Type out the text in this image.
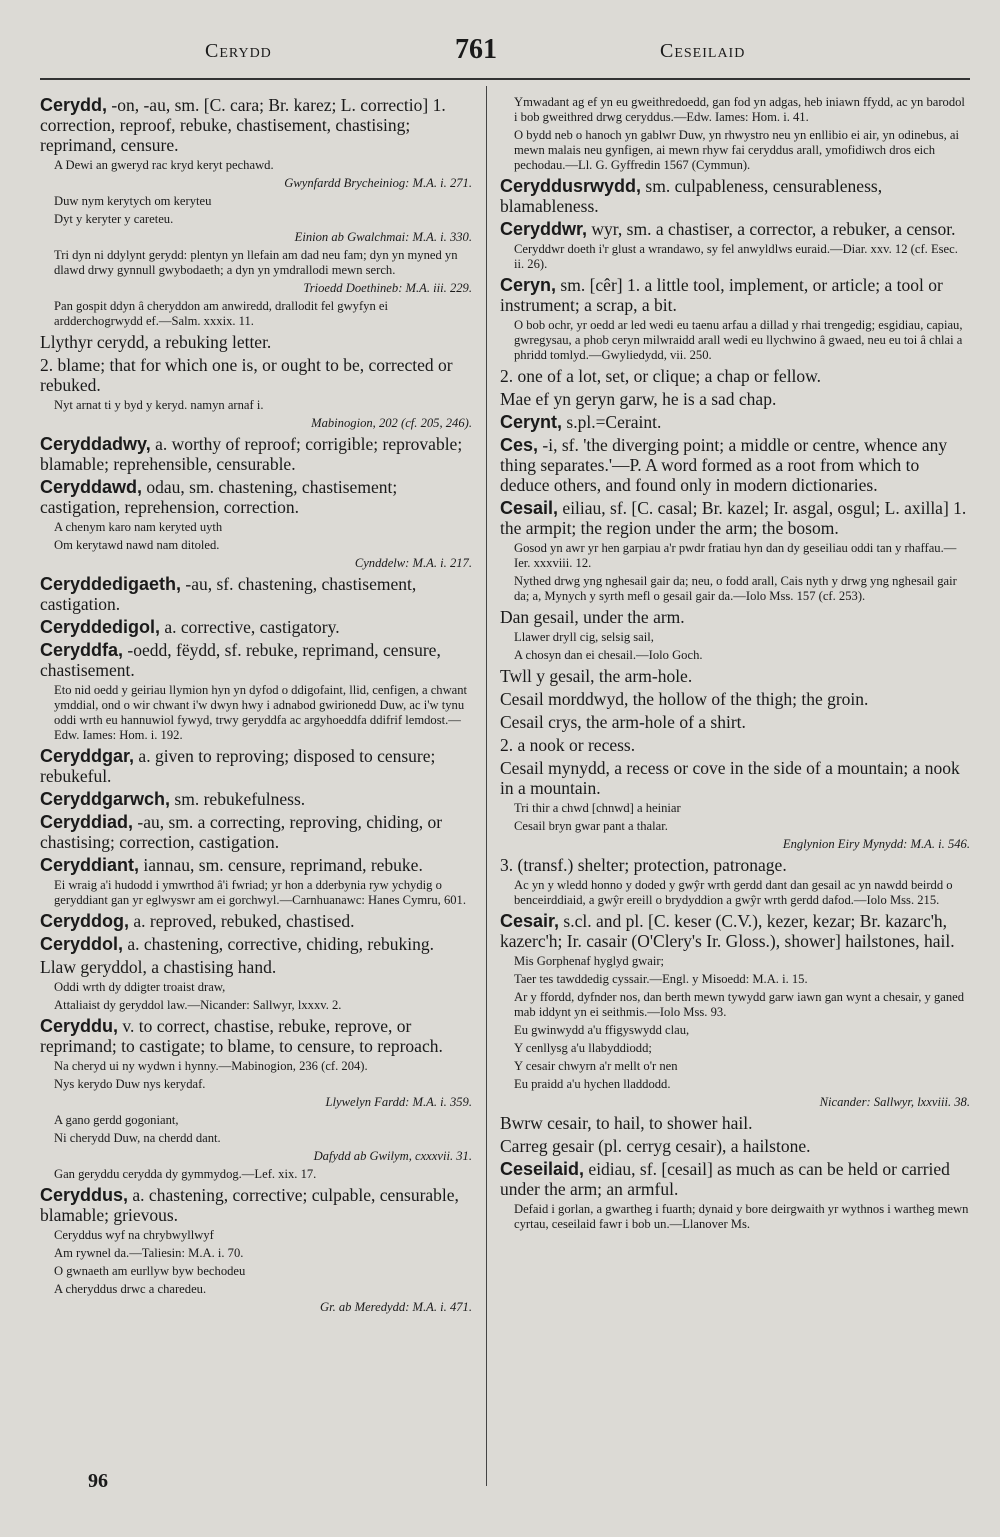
Cerydd	761	Ceseilaid

Cerydd, -on, -au, sm. [C. cara; Br. karez; L. correctio] 1. correction, reproof, rebuke, chastisement, chastising; reprimand, censure.

A Dewi an gweryd rac kryd keryt pechawd.

Gwynfardd Brycheiniog: M.A. i. 271.

Duw nym kerytych om keryteu

Dyt y keryter y careteu.

Einion ab Gwalchmai: M.A. i. 330.

Tri dyn ni ddylynt gerydd: plentyn yn llefain am dad neu fam; dyn yn myned yn dlawd drwy gynnull gwybodaeth; a dyn yn ymdrallodi mewn serch.

Trioedd Doethineb: M.A. iii. 229.

Pan gospit ddyn â cheryddon am anwiredd, drallodit fel gwyfyn ei ardderchogrwydd ef.—Salm. xxxix. 11.

Llythyr cerydd, a rebuking letter.

2. blame; that for which one is, or ought to be, corrected or rebuked.

Nyt arnat ti y byd y keryd. namyn arnaf i.

Mabinogion, 202 (cf. 205, 246).

Ceryddadwy, a. worthy of reproof; corrigible; reprovable; blamable; reprehensible, censurable.

Ceryddawd, odau, sm. chastening, chastisement; castigation, reprehension, correction.

A chenym karo nam keryted uyth

Om kerytawd nawd nam ditoled.

Cynddelw: M.A. i. 217.

Ceryddedigaeth, -au, sf. chastening, chastisement, castigation.

Ceryddedigol, a. corrective, castigatory.

Ceryddfa, -oedd, fëydd, sf. rebuke, reprimand, censure, chastisement.

Eto nid oedd y geiriau llymion hyn yn dyfod o ddigofaint, llid, cenfigen, a chwant ymddial, ond o wir chwant i'w dwyn hwy i adnabod gwirionedd Duw, ac i'w tynu oddi wrth eu hannuwiol fywyd, trwy geryddfa ac argyhoeddfa ddifrif lemdost.—Edw. Iames: Hom. i. 192.

Ceryddgar, a. given to reproving; disposed to censure; rebukeful.

Ceryddgarwch, sm. rebukefulness.

Ceryddiad, -au, sm. a correcting, reproving, chiding, or chastising; correction, castigation.

Ceryddiant, iannau, sm. censure, reprimand, rebuke.

Ei wraig a'i hudodd i ymwrthod â'i fwriad; yr hon a dderbynia ryw ychydig o geryddiant gan yr eglwyswr am ei gorchwyl.—Carnhuanawc: Hanes Cymru, 601.

Ceryddog, a. reproved, rebuked, chastised.

Ceryddol, a. chastening, corrective, chiding, rebuking.

Llaw geryddol, a chastising hand.

Oddi wrth dy ddigter troaist draw,

Attaliaist dy geryddol law.—Nicander: Sallwyr, lxxxv. 2.

Ceryddu, v. to correct, chastise, rebuke, reprove, or reprimand; to castigate; to blame, to censure, to reproach.

Na cheryd ui ny wydwn i hynny.—Mabinogion, 236 (cf. 204).

Nys kerydo Duw nys kerydaf.

Llywelyn Fardd: M.A. i. 359.

A gano gerdd gogoniant,

Ni cherydd Duw, na cherdd dant.

Dafydd ab Gwilym, cxxxvii. 31.

Gan geryddu cerydda dy gymmydog.—Lef. xix. 17.

Ceryddus, a. chastening, corrective; culpable, censurable, blamable; grievous.

Ceryddus wyf na chrybwyllwyf

Am rywnel da.—Taliesin: M.A. i. 70.

O gwnaeth am eurllyw byw bechodeu

A cheryddus drwc a charedeu.

Gr. ab Meredydd: M.A. i. 471.

Ymwadant ag ef yn eu gweithredoedd, gan fod yn adgas, heb iniawn ffydd, ac yn barodol i bob gweithred drwg ceryddus.—Edw. Iames: Hom. i. 41.

O bydd neb o hanoch yn gablwr Duw, yn rhwystro neu yn enllibio ei air, yn odinebus, ai mewn malais neu gynfigen, ai mewn rhyw fai ceryddus arall, ymofidiwch dros eich pechodau.—Ll. G. Gyffredin 1567 (Cymmun).

Ceryddusrwydd, sm. culpableness, censurableness, blamableness.

Ceryddwr, wyr, sm. a chastiser, a corrector, a rebuker, a censor.

Ceryddwr doeth i'r glust a wrandawo, sy fel anwyldlws euraid.—Diar. xxv. 12 (cf. Esec. ii. 26).

Ceryn, sm. [cêr] 1. a little tool, implement, or article; a tool or instrument; a scrap, a bit.

O bob ochr, yr oedd ar led wedi eu taenu arfau a dillad y rhai trengedig; esgidiau, capiau, gwregysau, a phob ceryn milwraidd arall wedi eu llychwino â gwaed, neu eu toi â chlai a phridd tomlyd.—Gwyliedydd, vii. 250.

2. one of a lot, set, or clique; a chap or fellow.

Mae ef yn geryn garw, he is a sad chap.

Cerynt, s.pl.=Ceraint.

Ces, -i, sf. 'the diverging point; a middle or centre, whence any thing separates.'—P. A word formed as a root from which to deduce others, and found only in modern dictionaries.

Cesail, eiliau, sf. [C. casal; Br. kazel; Ir. asgal, osgul; L. axilla] 1. the armpit; the region under the arm; the bosom.

Gosod yn awr yr hen garpiau a'r pwdr fratiau hyn dan dy geseiliau oddi tan y rhaffau.—Ier. xxxviii. 12.

Nythed drwg yng nghesail gair da; neu, o fodd arall, Cais nyth y drwg yng nghesail gair da; a, Mynych y syrth mefl o gesail gair da.—Iolo Mss. 157 (cf. 253).

Dan gesail, under the arm.

Llawer dryll cig, selsig sail,

A chosyn dan ei chesail.—Iolo Goch.

Twll y gesail, the arm-hole.

Cesail morddwyd, the hollow of the thigh; the groin.

Cesail crys, the arm-hole of a shirt.

2. a nook or recess.

Cesail mynydd, a recess or cove in the side of a mountain; a nook in a mountain.

Tri thir a chwd [chnwd] a heiniar

Cesail bryn gwar pant a thalar.

Englynion Eiry Mynydd: M.A. i. 546.

3. (transf.) shelter; protection, patronage.

Ac yn y wledd honno y doded y gwŷr wrth gerdd dant dan gesail ac yn nawdd beirdd o benceirddiaid, a gwŷr ereill o brydyddion a gwŷr wrth gerdd dafod.—Iolo Mss. 215.

Cesair, s.cl. and pl. [C. keser (C.V.), kezer, kezar; Br. kazarc'h, kazerc'h; Ir. casair (O'Clery's Ir. Gloss.), shower] hailstones, hail.

Mis Gorphenaf hyglyd gwair;

Taer tes tawddedig cyssair.—Engl. y Misoedd: M.A. i. 15.

Ar y ffordd, dyfnder nos, dan berth mewn tywydd garw iawn gan wynt a chesair, y ganed mab iddynt yn ei seithmis.—Iolo Mss. 93.

Eu gwinwydd a'u ffigyswydd clau,

Y cenllysg a'u llabyddiodd;

Y cesair chwyrn a'r mellt o'r nen

Eu praidd a'u hychen lladdodd.

Nicander: Sallwyr, lxxviii. 38.

Bwrw cesair, to hail, to shower hail.

Carreg gesair (pl. cerryg cesair), a hailstone.

Ceseilaid, eidiau, sf. [cesail] as much as can be held or carried under the arm; an armful.

Defaid i gorlan, a gwartheg i fuarth; dynaid y bore deirgwaith yr wythnos i wartheg mewn cyrtau, ceseilaid fawr i bob un.—Llanover Ms.

96
